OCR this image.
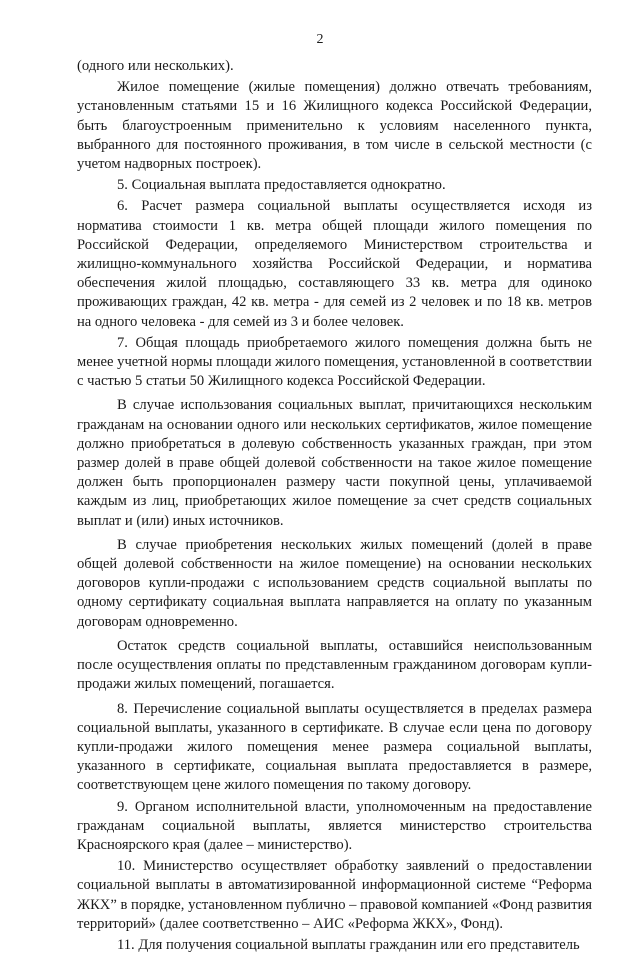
2

(одного или нескольких).

Жилое помещение (жилые помещения) должно отвечать требованиям, установленным статьями 15 и 16 Жилищного кодекса Российской Федерации, быть благоустроенным применительно к условиям населенного пункта, выбранного для постоянного проживания, в том числе в сельской местности (с учетом надворных построек).

5. Социальная выплата предоставляется однократно.

6. Расчет размера социальной выплаты осуществляется исходя из норматива стоимости 1 кв. метра общей площади жилого помещения по Российской Федерации, определяемого Министерством строительства и жилищно-коммунального хозяйства Российской Федерации, и норматива обеспечения жилой площадью, составляющего 33 кв. метра для одиноко проживающих граждан, 42 кв. метра - для семей из 2 человек и по 18 кв. метров на одного человека - для семей из 3 и более человек.

7. Общая площадь приобретаемого жилого помещения должна быть не менее учетной нормы площади жилого помещения, установленной в соответствии с частью 5 статьи 50 Жилищного кодекса Российской Федерации.

В случае использования социальных выплат, причитающихся нескольким гражданам на основании одного или нескольких сертификатов, жилое помещение должно приобретаться в долевую собственность указанных граждан, при этом размер долей в праве общей долевой собственности на такое жилое помещение должен быть пропорционален размеру части покупной цены, уплачиваемой каждым из лиц, приобретающих жилое помещение за счет средств социальных выплат и (или) иных источников.

В случае приобретения нескольких жилых помещений (долей в праве общей долевой собственности на жилое помещение) на основании нескольких договоров купли-продажи с использованием средств социальной выплаты по одному сертификату социальная выплата направляется на оплату по указанным договорам одновременно.

Остаток средств социальной выплаты, оставшийся неиспользованным после осуществления оплаты по представленным гражданином договорам купли-продажи жилых помещений, погашается.

8. Перечисление социальной выплаты осуществляется в пределах размера социальной выплаты, указанного в сертификате. В случае если цена по договору купли-продажи жилого помещения менее размера социальной выплаты, указанного в сертификате, социальная выплата предоставляется в размере, соответствующем цене жилого помещения по такому договору.

9. Органом исполнительной власти, уполномоченным на предоставление гражданам социальной выплаты, является министерство строительства Красноярского края (далее – министерство).

10. Министерство осуществляет обработку заявлений о предоставлении социальной выплаты в автоматизированной информационной системе “Реформа ЖКХ” в порядке, установленном публично – правовой компанией «Фонд развития территорий» (далее соответственно – АИС «Реформа ЖКХ», Фонд).

11. Для получения социальной выплаты гражданин или его представитель
